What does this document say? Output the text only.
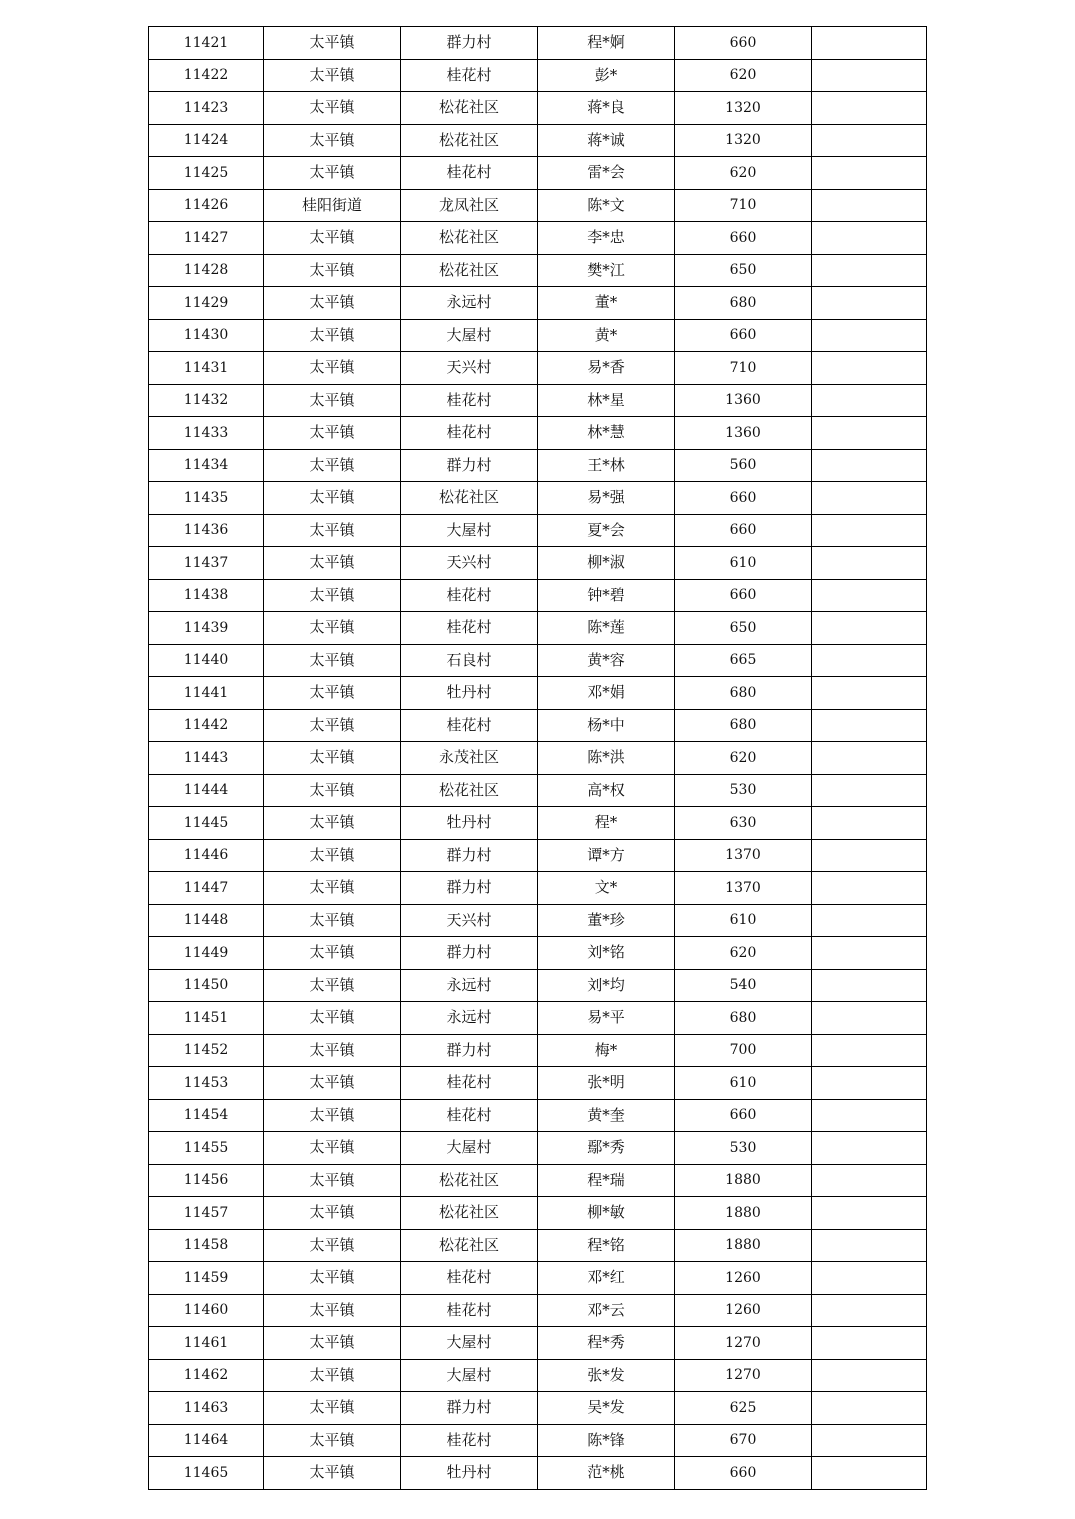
11421	太平镇	群力村	程*婀	660	
11422	太平镇	桂花村	彭*	620	
11423	太平镇	松花社区	蒋*良	1320	
11424	太平镇	松花社区	蒋*诚	1320	
11425	太平镇	桂花村	雷*会	620	
11426	桂阳街道	龙凤社区	陈*文	710	
11427	太平镇	松花社区	李*忠	660	
11428	太平镇	松花社区	樊*江	650	
11429	太平镇	永远村	董*	680	
11430	太平镇	大屋村	黄*	660	
11431	太平镇	天兴村	易*香	710	
11432	太平镇	桂花村	林*星	1360	
11433	太平镇	桂花村	林*慧	1360	
11434	太平镇	群力村	王*林	560	
11435	太平镇	松花社区	易*强	660	
11436	太平镇	大屋村	夏*会	660	
11437	太平镇	天兴村	柳*淑	610	
11438	太平镇	桂花村	钟*碧	660	
11439	太平镇	桂花村	陈*莲	650	
11440	太平镇	石良村	黄*容	665	
11441	太平镇	牡丹村	邓*娟	680	
11442	太平镇	桂花村	杨*中	680	
11443	太平镇	永茂社区	陈*洪	620	
11444	太平镇	松花社区	高*权	530	
11445	太平镇	牡丹村	程*	630	
11446	太平镇	群力村	谭*方	1370	
11447	太平镇	群力村	文*	1370	
11448	太平镇	天兴村	董*珍	610	
11449	太平镇	群力村	刘*铭	620	
11450	太平镇	永远村	刘*均	540	
11451	太平镇	永远村	易*平	680	
11452	太平镇	群力村	梅*	700	
11453	太平镇	桂花村	张*明	610	
11454	太平镇	桂花村	黄*奎	660	
11455	太平镇	大屋村	鄢*秀	530	
11456	太平镇	松花社区	程*瑞	1880	
11457	太平镇	松花社区	柳*敏	1880	
11458	太平镇	松花社区	程*铭	1880	
11459	太平镇	桂花村	邓*红	1260	
11460	太平镇	桂花村	邓*云	1260	
11461	太平镇	大屋村	程*秀	1270	
11462	太平镇	大屋村	张*发	1270	
11463	太平镇	群力村	吴*发	625	
11464	太平镇	桂花村	陈*锋	670	
11465	太平镇	牡丹村	范*桃	660	
